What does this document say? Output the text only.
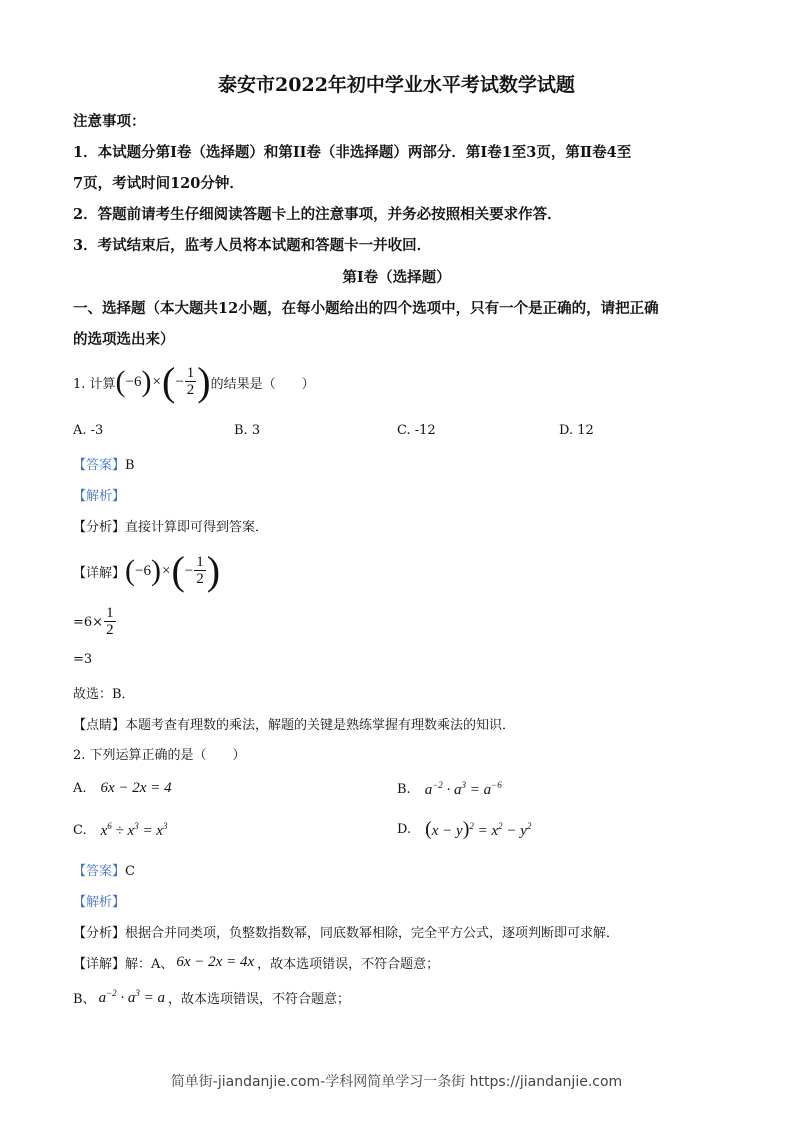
泰安市2022年初中学业水平考试数学试题
注意事项：
1．本试题分第Ⅰ卷（选择题）和第II卷（非选择题）两部分．第Ⅰ卷1至3页，第Ⅱ卷4至
7页，考试时间120分钟．
2．答题前请考生仔细阅读答题卡上的注意事项，并务必按照相关要求作答．
3．考试结束后，监考人员将本试题和答题卡一并收回．
第Ⅰ卷（选择题）
一、选择题（本大题共12小题，在每小题给出的四个选项中，只有一个是正确的，请把正确
的选项选出来）
1. 计算 ( −6 ) × ( − $\frac{1}{2}$ ) 的结果是（　　）
A. -3	B. 3	C. -12	D. 12
【答案】B
【解析】
【分析】直接计算即可得到答案．
【详解】 ( −6 ) × ( − $\frac{1}{2}$ )
$=6\times \frac{1}{2}$
=3
故选：B．
【点睛】本题考查有理数的乘法，解题的关键是熟练掌握有理数乘法的知识．
2. 下列运算正确的是（　　）
A. 6x − 2x = 4	B. $a^{-2} \cdot a^3 = a^{-6}$
C. $x^6 \div x^3 = x^3$	D. $(x - y)^2 = x^2 - y^2$
【答案】C
【解析】
【分析】根据合并同类项，负整数指数幂，同底数幂相除，完全平方公式，逐项判断即可求解．
【详解】 解：A、 6x − 2x = 4x ，故本选项错误，不符合题意；
B、 $a^{-2} \cdot a^3 = a$ ，故本选项错误，不符合题意；
简单街-jiandanjie.com-学科网简单学习一条街 https://jiandanjie.com
